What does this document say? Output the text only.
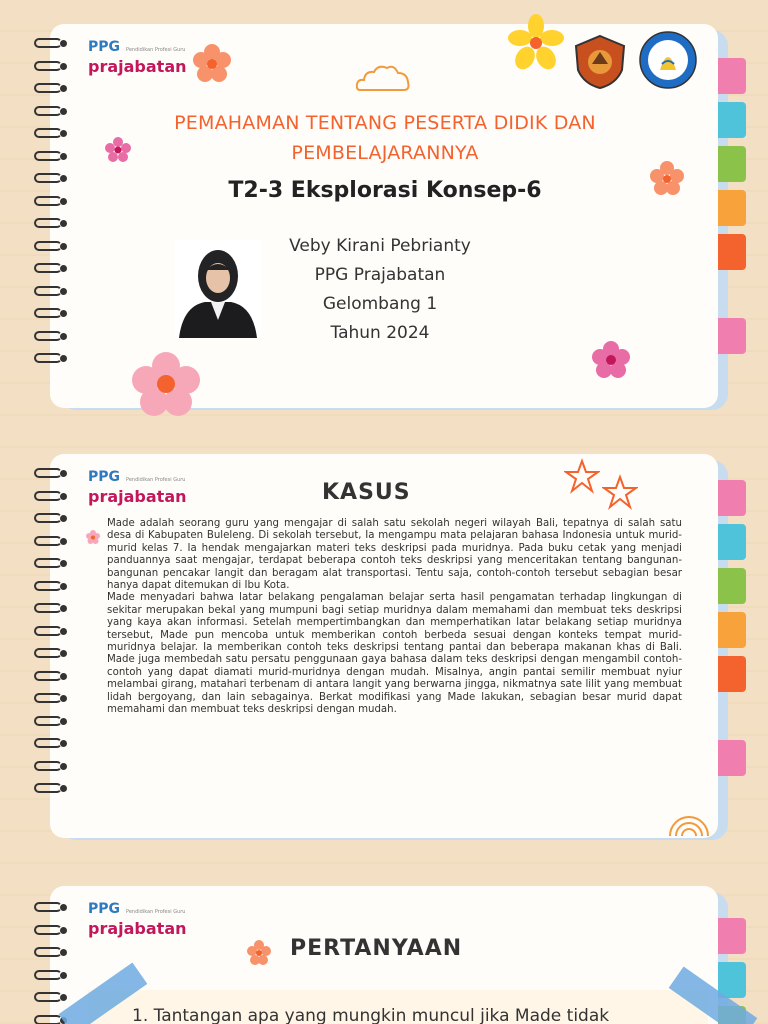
PPG Pendidikan Profesi Guru
prajabatan
PEMAHAMAN TENTANG PESERTA DIDIK DAN
PEMBELAJARANNYA
T2-3 Eksplorasi Konsep-6
Veby Kirani Pebrianty
PPG Prajabatan
Gelombang 1
Tahun 2024
PPG Pendidikan Profesi Guru
prajabatan	KASUS

Made adalah seorang guru yang mengajar di salah satu sekolah negeri wilayah Bali, tepatnya di salah satu desa di Kabupaten Buleleng. Di sekolah tersebut, Ia mengampu mata pelajaran bahasa Indonesia untuk murid-murid kelas 7. Ia hendak mengajarkan materi teks deskripsi pada muridnya. Pada buku cetak yang menjadi panduannya saat mengajar, terdapat beberapa contoh teks deskripsi yang menceritakan tentang bangunan-bangunan pencakar langit dan beragam alat transportasi. Tentu saja, contoh-contoh tersebut sebagian besar hanya dapat ditemukan di Ibu Kota.

Made menyadari bahwa latar belakang pengalaman belajar serta hasil pengamatan terhadap lingkungan di sekitar merupakan bekal yang mumpuni bagi setiap muridnya dalam memahami dan membuat teks deskripsi yang kaya akan informasi. Setelah mempertimbangkan dan memperhatikan latar belakang setiap muridnya tersebut, Made pun mencoba untuk memberikan contoh berbeda sesuai dengan konteks tempat murid-muridnya belajar. Ia memberikan contoh teks deskripsi tentang pantai dan beberapa makanan khas di Bali. Made juga membedah satu persatu penggunaan gaya bahasa dalam teks deskripsi dengan mengambil contoh-contoh yang dapat diamati murid-muridnya dengan mudah. Misalnya, angin pantai semilir membuat nyiur melambai girang, matahari terbenam di antara langit yang berwarna jingga, nikmatnya sate lilit yang membuat lidah bergoyang, dan lain sebagainya. Berkat modifikasi yang Made lakukan, sebagian besar murid dapat memahami dan membuat teks deskripsi dengan mudah.

PPG Pendidikan Profesi Guru
prajabatan
PERTANYAAN
1. Tantangan apa yang mungkin muncul jika Made tidak
